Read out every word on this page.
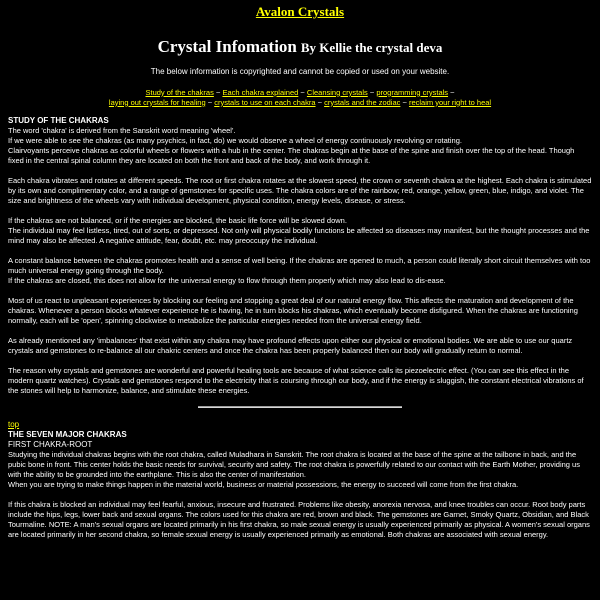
Avalon Crystals
Crystal Infomation By Kellie the crystal deva
The below information is copyrighted and cannot be copied or used on your website.
Study of the chakras ~ Each chakra explained ~ Cleansing crystals ~ programming crystals ~
laying out crystals for healing ~ crystals to use on each chakra ~ crystals and the zodiac ~ reclaim your right to heal
STUDY OF THE CHAKRAS
The word 'chakra' is derived from the Sanskrit word meaning 'wheel'.
If we were able to see the chakras (as many psychics, in fact, do) we would observe a wheel of energy continuously revolving or rotating.
Clairvoyants perceive chakras as colorful wheels or flowers with a hub in the center. The chakras begin at the base of the spine and finish over the top of the head. Though fixed in the central spinal column they are located on both the front and back of the body, and work through it.
Each chakra vibrates and rotates at different speeds. The root or first chakra rotates at the slowest speed, the crown or seventh chakra at the highest. Each chakra is stimulated by its own and complimentary color, and a range of gemstones for specific uses. The chakra colors are of the rainbow; red, orange, yellow, green, blue, indigo, and violet. The size and brightness of the wheels vary with individual development, physical condition, energy levels, disease, or stress.
If the chakras are not balanced, or if the energies are blocked, the basic life force will be slowed down.
The individual may feel listless, tired, out of sorts, or depressed. Not only will physical bodily functions be affected so diseases may manifest, but the thought processes and the mind may also be affected. A negative attitude, fear, doubt, etc. may preoccupy the individual.
A constant balance between the chakras promotes health and a sense of well being. If the chakras are opened to much, a person could literally short circuit themselves with too much universal energy going through the body.
If the chakras are closed, this does not allow for the universal energy to flow through them properly which may also lead to dis-ease.
Most of us react to unpleasant experiences by blocking our feeling and stopping a great deal of our natural energy flow. This affects the maturation and development of the chakras. Whenever a person blocks whatever experience he is having, he in turn blocks his chakras, which eventually become disfigured. When the chakras are functioning normally, each will be 'open', spinning clockwise to metabolize the particular energies needed from the universal energy field.
As already mentioned any 'imbalances' that exist within any chakra may have profound effects upon either our physical or emotional bodies. We are able to use our quartz crystals and gemstones to re-balance all our chakric centers and once the chakra has been properly balanced then our body will gradually return to normal.
The reason why crystals and gemstones are wonderful and powerful healing tools are because of what science calls its piezoelectric effect. (You can see this effect in the modern quartz watches). Crystals and gemstones respond to the electricity that is coursing through our body, and if the energy is sluggish, the constant electrical vibrations of the stones will help to harmonize, balance, and stimulate these energies.
top
THE SEVEN MAJOR CHAKRAS
FIRST CHAKRA-ROOT
Studying the individual chakras begins with the root chakra, called Muladhara in Sanskrit. The root chakra is located at the base of the spine at the tailbone in back, and the pubic bone in front. This center holds the basic needs for survival, security and safety. The root chakra is powerfully related to our contact with the Earth Mother, providing us with the ability to be grounded into the earthplane. This is also the center of manifestation.
When you are trying to make things happen in the material world, business or material possessions, the energy to succeed will come from the first chakra.
If this chakra is blocked an individual may feel fearful, anxious, insecure and frustrated. Problems like obesity, anorexia nervosa, and knee troubles can occur. Root body parts include the hips, legs, lower back and sexual organs. The colors used for this chakra are red, brown and black. The gemstones are Garnet, Smoky Quartz, Obsidian, and Black Tourmaline. NOTE: A man's sexual organs are located primarily in his first chakra, so male sexual energy is usually experienced primarily as physical. A women's sexual organs are located primarily in her second chakra, so female sexual energy is usually experienced primarily as emotional. Both chakras are associated with sexual energy.
